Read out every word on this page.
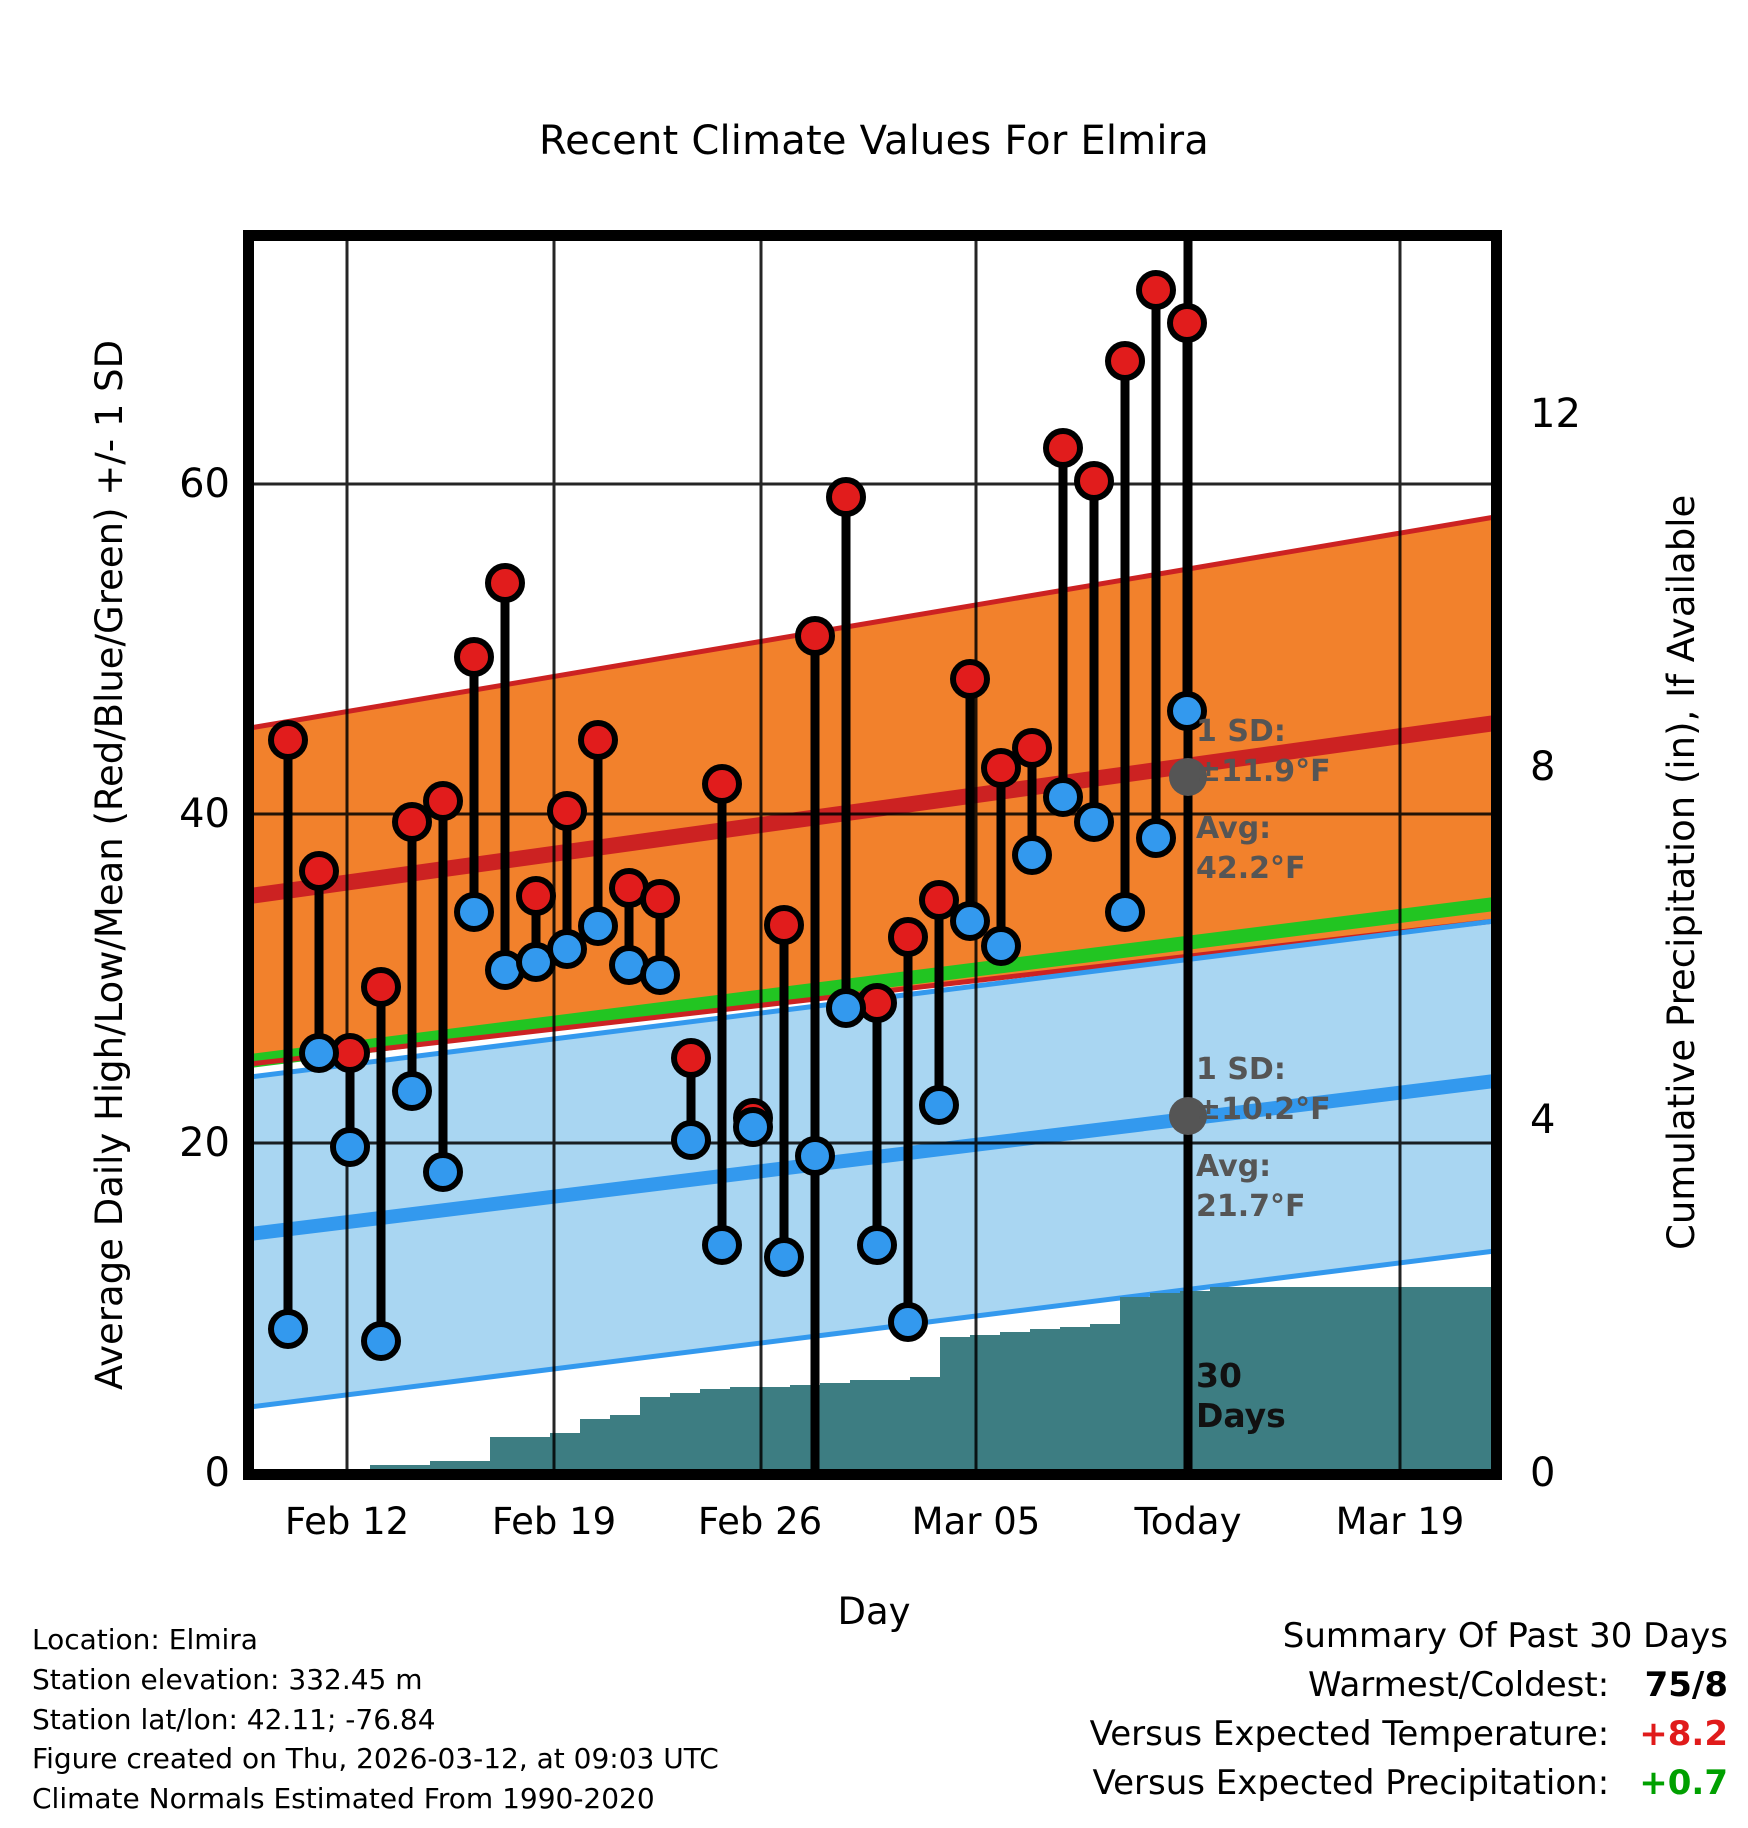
Recent Climate Values For Elmira
Average Daily High/Low/Mean (Red/Blue/Green) +/- 1 SD	Cumulative Precipitation (in), If Available
Day
0
20
40
60
0
4
8
12
Feb 12 Feb 19 Feb 26 Mar 05	Today	Mar 19
1 SD:
±11.9°F
Avg:
42.2°F
1 SD:
±10.2°F
Avg:
21.7°F
30
Days
Location: Elmira
Station elevation: 332.45 m
Station lat/lon: 42.11; -76.84
Figure created on Thu, 2026-03-12, at 09:03 UTC
Climate Normals Estimated From 1990-2020
Summary Of Past 30 Days
Warmest/Coldest: 75/8
Versus Expected Temperature: +8.2
Versus Expected Precipitation: +0.7
